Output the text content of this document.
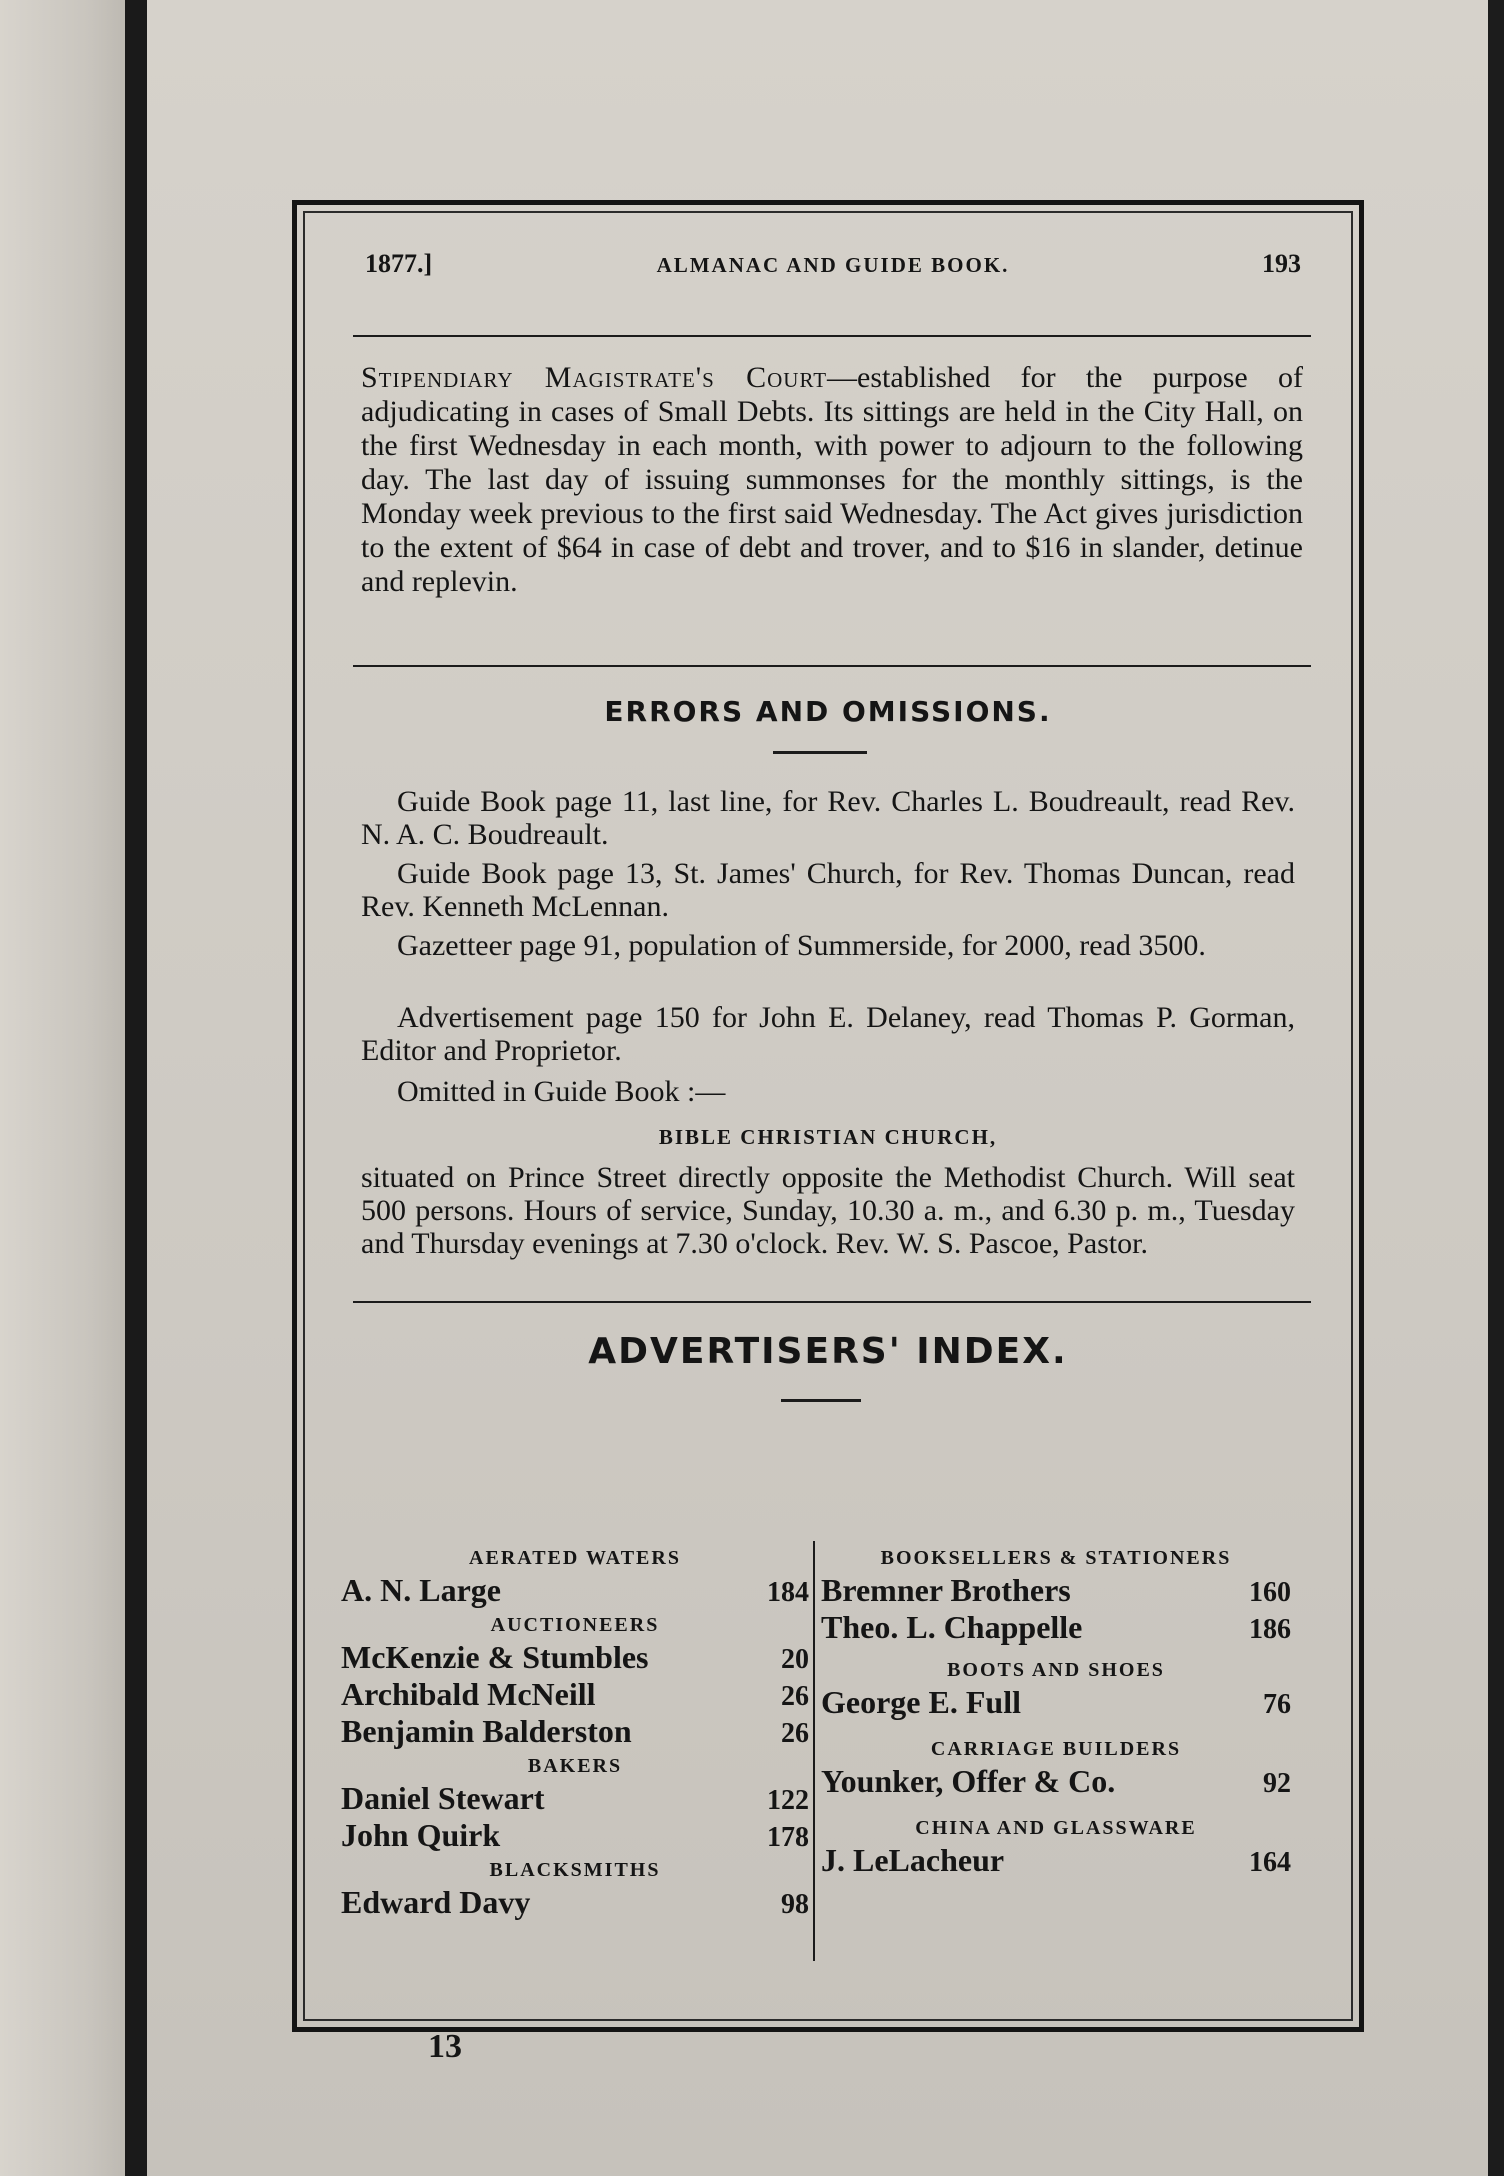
1877.]	ALMANAC AND GUIDE BOOK.	193
Stipendiary Magistrate's Court—established for the purpose of adjudicating in cases of Small Debts. Its sittings are held in the City Hall, on the first Wednesday in each month, with power to adjourn to the following day. The last day of issuing summonses for the monthly sittings, is the Monday week previous to the first said Wednesday. The Act gives jurisdiction to the extent of $64 in case of debt and trover, and to $16 in slander, detinue and replevin.
ERRORS AND OMISSIONS.
Guide Book page 11, last line, for Rev. Charles L. Boudreault, read Rev. N. A. C. Boudreault.
Guide Book page 13, St. James' Church, for Rev. Thomas Duncan, read Rev. Kenneth McLennan.
Gazetteer page 91, population of Summerside, for 2000, read 3500.
Advertisement page 150 for John E. Delaney, read Thomas P. Gorman, Editor and Proprietor.
Omitted in Guide Book :—
BIBLE CHRISTIAN CHURCH,
situated on Prince Street directly opposite the Methodist Church. Will seat 500 persons. Hours of service, Sunday, 10.30 a. m., and 6.30 p. m., Tuesday and Thursday evenings at 7.30 o'clock. Rev. W. S. Pascoe, Pastor.
ADVERTISERS' INDEX.
AERATED WATERS
A. N. Large	184
AUCTIONEERS
McKenzie & Stumbles	20
Archibald McNeill	26
Benjamin Balderston	26
BAKERS
Daniel Stewart	122
John Quirk	178
BLACKSMITHS
Edward Davy	98
BOOKSELLERS & STATIONERS
Bremner Brothers	160
Theo. L. Chappelle	186
BOOTS AND SHOES
George E. Full	76
CARRIAGE BUILDERS
Younker, Offer & Co.	92
CHINA AND GLASSWARE
J. LeLacheur	164
13
